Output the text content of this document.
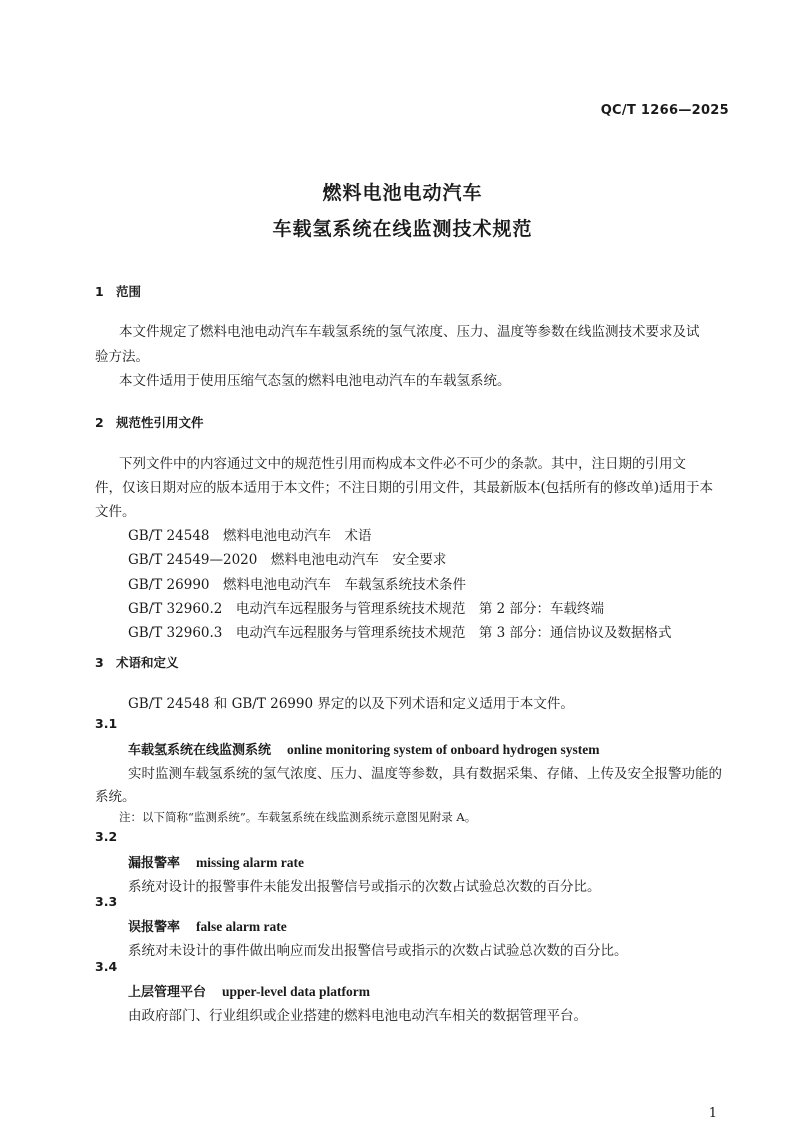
QC/T 1266—2025
燃料电池电动汽车
车载氢系统在线监测技术规范
1 范围
本文件规定了燃料电池电动汽车车载氢系统的氢气浓度、压力、温度等参数在线监测技术要求及试
验方法。
本文件适用于使用压缩气态氢的燃料电池电动汽车的车载氢系统。
2 规范性引用文件
下列文件中的内容通过文中的规范性引用而构成本文件必不可少的条款。其中，注日期的引用文
件，仅该日期对应的版本适用于本文件；不注日期的引用文件，其最新版本(包括所有的修改单)适用于本
文件。
GB/T 24548　燃料电池电动汽车　术语
GB/T 24549—2020　燃料电池电动汽车　安全要求
GB/T 26990　燃料电池电动汽车　车载氢系统技术条件
GB/T 32960.2　电动汽车远程服务与管理系统技术规范　第 2 部分：车载终端
GB/T 32960.3　电动汽车远程服务与管理系统技术规范　第 3 部分：通信协议及数据格式
3 术语和定义
GB/T 24548 和 GB/T 26990 界定的以及下列术语和定义适用于本文件。
3.1
车载氢系统在线监测系统 online monitoring system of onboard hydrogen system
实时监测车载氢系统的氢气浓度、压力、温度等参数，具有数据采集、存储、上传及安全报警功能的
系统。
注：以下简称“监测系统”。车载氢系统在线监测系统示意图见附录 A。
3.2
漏报警率 missing alarm rate
系统对设计的报警事件未能发出报警信号或指示的次数占试验总次数的百分比。
3.3
误报警率 false alarm rate
系统对未设计的事件做出响应而发出报警信号或指示的次数占试验总次数的百分比。
3.4
上层管理平台 upper-level data platform
由政府部门、行业组织或企业搭建的燃料电池电动汽车相关的数据管理平台。
1
